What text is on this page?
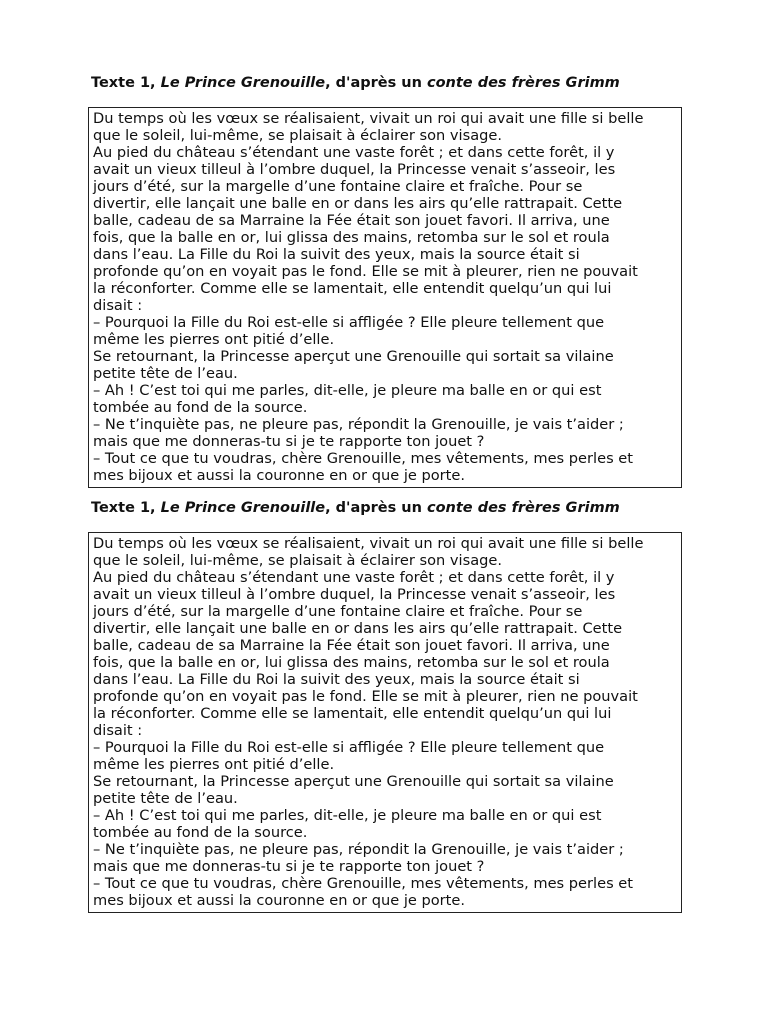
Texte 1, Le Prince Grenouille, d'après un conte des frères Grimm

Du temps où les vœux se réalisaient, vivait un roi qui avait une fille si belle

que le soleil, lui-même, se plaisait à éclairer son visage.

Au pied du château s’étendant une vaste forêt ; et dans cette forêt, il y

avait un vieux tilleul à l’ombre duquel, la Princesse venait s’asseoir, les

jours d’été, sur la margelle d’une fontaine claire et fraîche. Pour se

divertir, elle lançait une balle en or dans les airs qu’elle rattrapait. Cette

balle, cadeau de sa Marraine la Fée était son jouet favori. Il arriva, une

fois, que la balle en or, lui glissa des mains, retomba sur le sol et roula

dans l’eau. La Fille du Roi la suivit des yeux, mais la source était si

profonde qu’on en voyait pas le fond. Elle se mit à pleurer, rien ne pouvait

la réconforter. Comme elle se lamentait, elle entendit quelqu’un qui lui

disait :

– Pourquoi la Fille du Roi est-elle si affligée ? Elle pleure tellement que

même les pierres ont pitié d’elle.

Se retournant, la Princesse aperçut une Grenouille qui sortait sa vilaine

petite tête de l’eau.

– Ah ! C’est toi qui me parles, dit-elle, je pleure ma balle en or qui est

tombée au fond de la source.

– Ne t’inquiète pas, ne pleure pas, répondit la Grenouille, je vais t’aider ;

mais que me donneras-tu si je te rapporte ton jouet ?

– Tout ce que tu voudras, chère Grenouille, mes vêtements, mes perles et

mes bijoux et aussi la couronne en or que je porte.

Texte 1, Le Prince Grenouille, d'après un conte des frères Grimm

Du temps où les vœux se réalisaient, vivait un roi qui avait une fille si belle

que le soleil, lui-même, se plaisait à éclairer son visage.

Au pied du château s’étendant une vaste forêt ; et dans cette forêt, il y

avait un vieux tilleul à l’ombre duquel, la Princesse venait s’asseoir, les

jours d’été, sur la margelle d’une fontaine claire et fraîche. Pour se

divertir, elle lançait une balle en or dans les airs qu’elle rattrapait. Cette

balle, cadeau de sa Marraine la Fée était son jouet favori. Il arriva, une

fois, que la balle en or, lui glissa des mains, retomba sur le sol et roula

dans l’eau. La Fille du Roi la suivit des yeux, mais la source était si

profonde qu’on en voyait pas le fond. Elle se mit à pleurer, rien ne pouvait

la réconforter. Comme elle se lamentait, elle entendit quelqu’un qui lui

disait :

– Pourquoi la Fille du Roi est-elle si affligée ? Elle pleure tellement que

même les pierres ont pitié d’elle.

Se retournant, la Princesse aperçut une Grenouille qui sortait sa vilaine

petite tête de l’eau.

– Ah ! C’est toi qui me parles, dit-elle, je pleure ma balle en or qui est

tombée au fond de la source.

– Ne t’inquiète pas, ne pleure pas, répondit la Grenouille, je vais t’aider ;

mais que me donneras-tu si je te rapporte ton jouet ?

– Tout ce que tu voudras, chère Grenouille, mes vêtements, mes perles et

mes bijoux et aussi la couronne en or que je porte.
